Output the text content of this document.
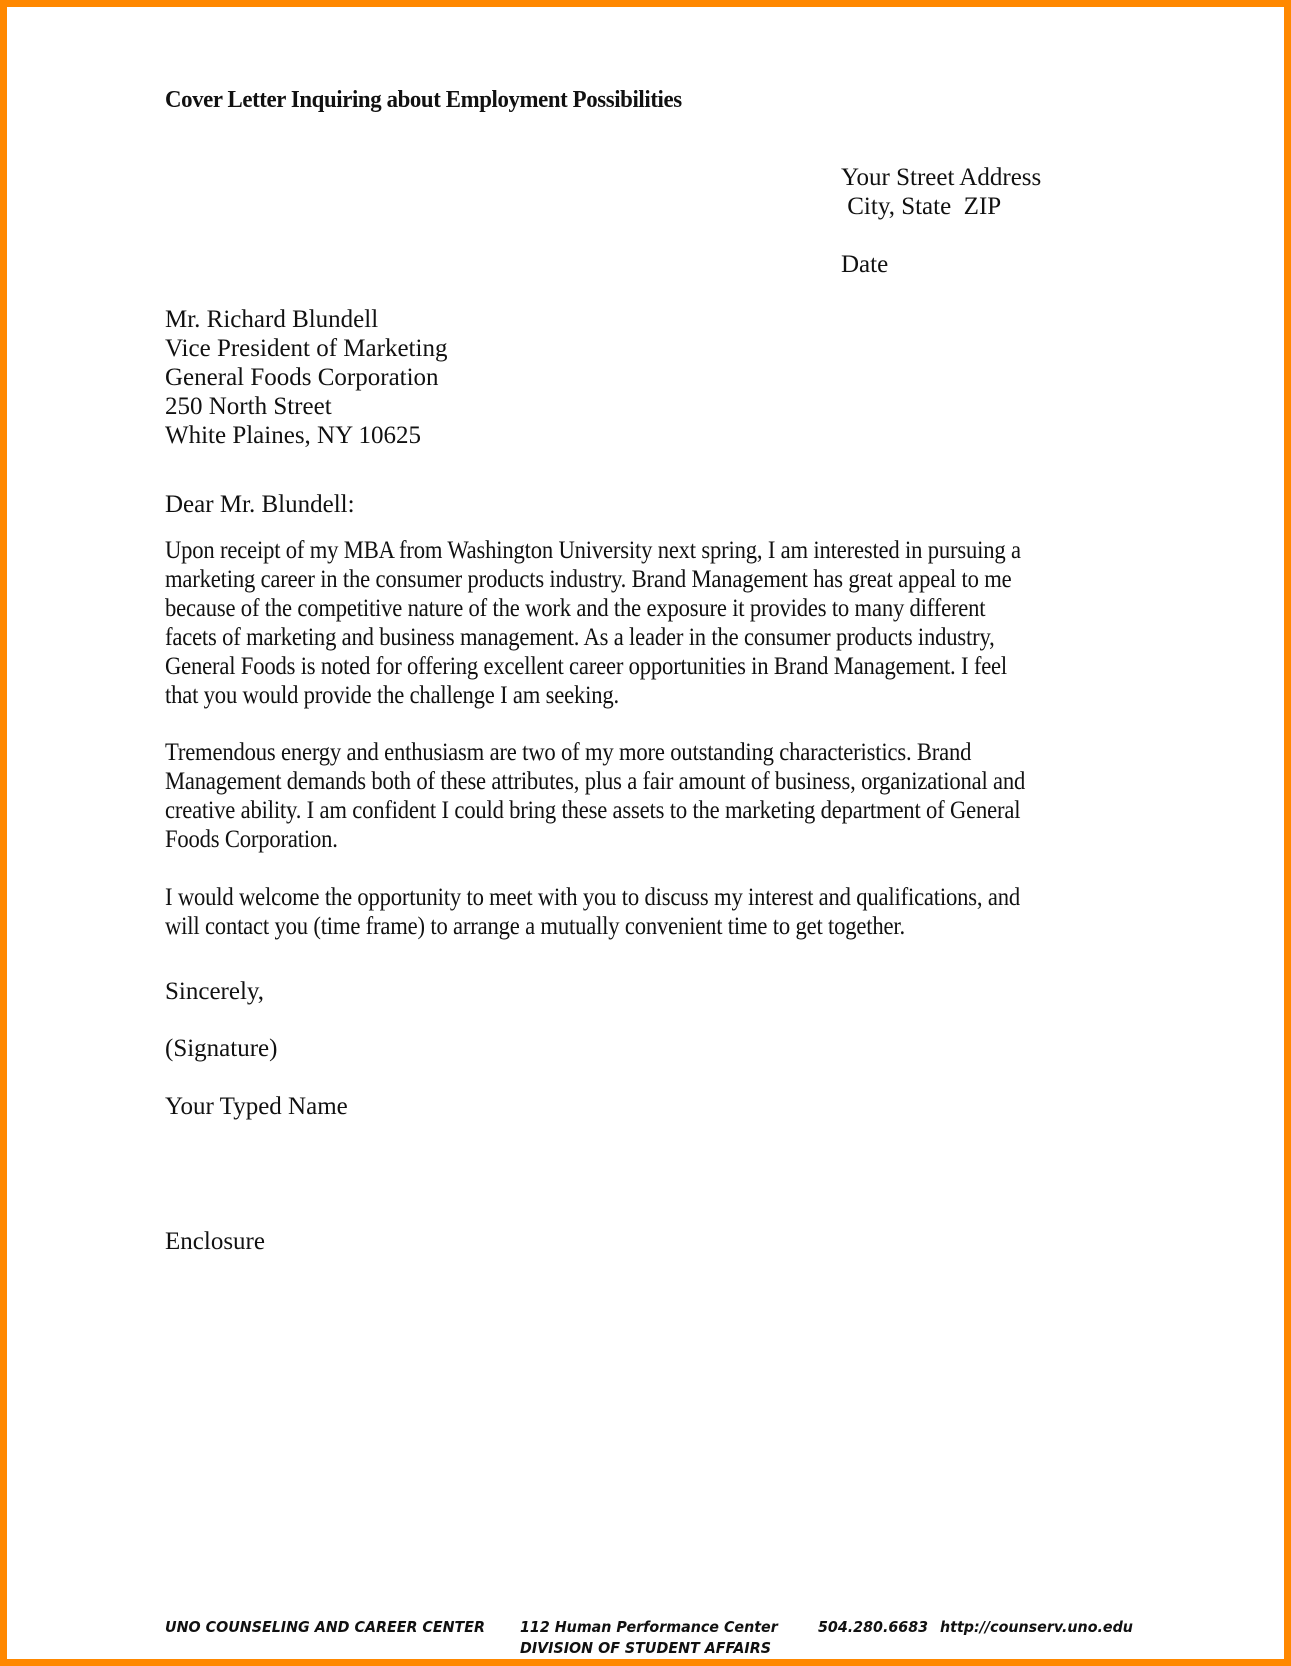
Cover Letter Inquiring about Employment Possibilities
Your Street Address
City, State  ZIP
Date
Mr. Richard Blundell
Vice President of Marketing
General Foods Corporation
250 North Street
White Plaines, NY 10625
Dear Mr. Blundell:
Upon receipt of my MBA from Washington University next spring, I am interested in pursuing a
marketing career in the consumer products industry. Brand Management has great appeal to me
because of the competitive nature of the work and the exposure it provides to many different
facets of marketing and business management. As a leader in the consumer products industry,
General Foods is noted for offering excellent career opportunities in Brand Management. I feel
that you would provide the challenge I am seeking.
Tremendous energy and enthusiasm are two of my more outstanding characteristics. Brand
Management demands both of these attributes, plus a fair amount of business, organizational and
creative ability. I am confident I could bring these assets to the marketing department of General
Foods Corporation.
I would welcome the opportunity to meet with you to discuss my interest and qualifications, and
will contact you (time frame) to arrange a mutually convenient time to get together.
Sincerely,
(Signature)
Your Typed Name
Enclosure
UNO COUNSELING AND CAREER CENTER	112 Human Performance Center
DIVISION OF STUDENT AFFAIRS
504.280.6683 http://counserv.uno.edu
